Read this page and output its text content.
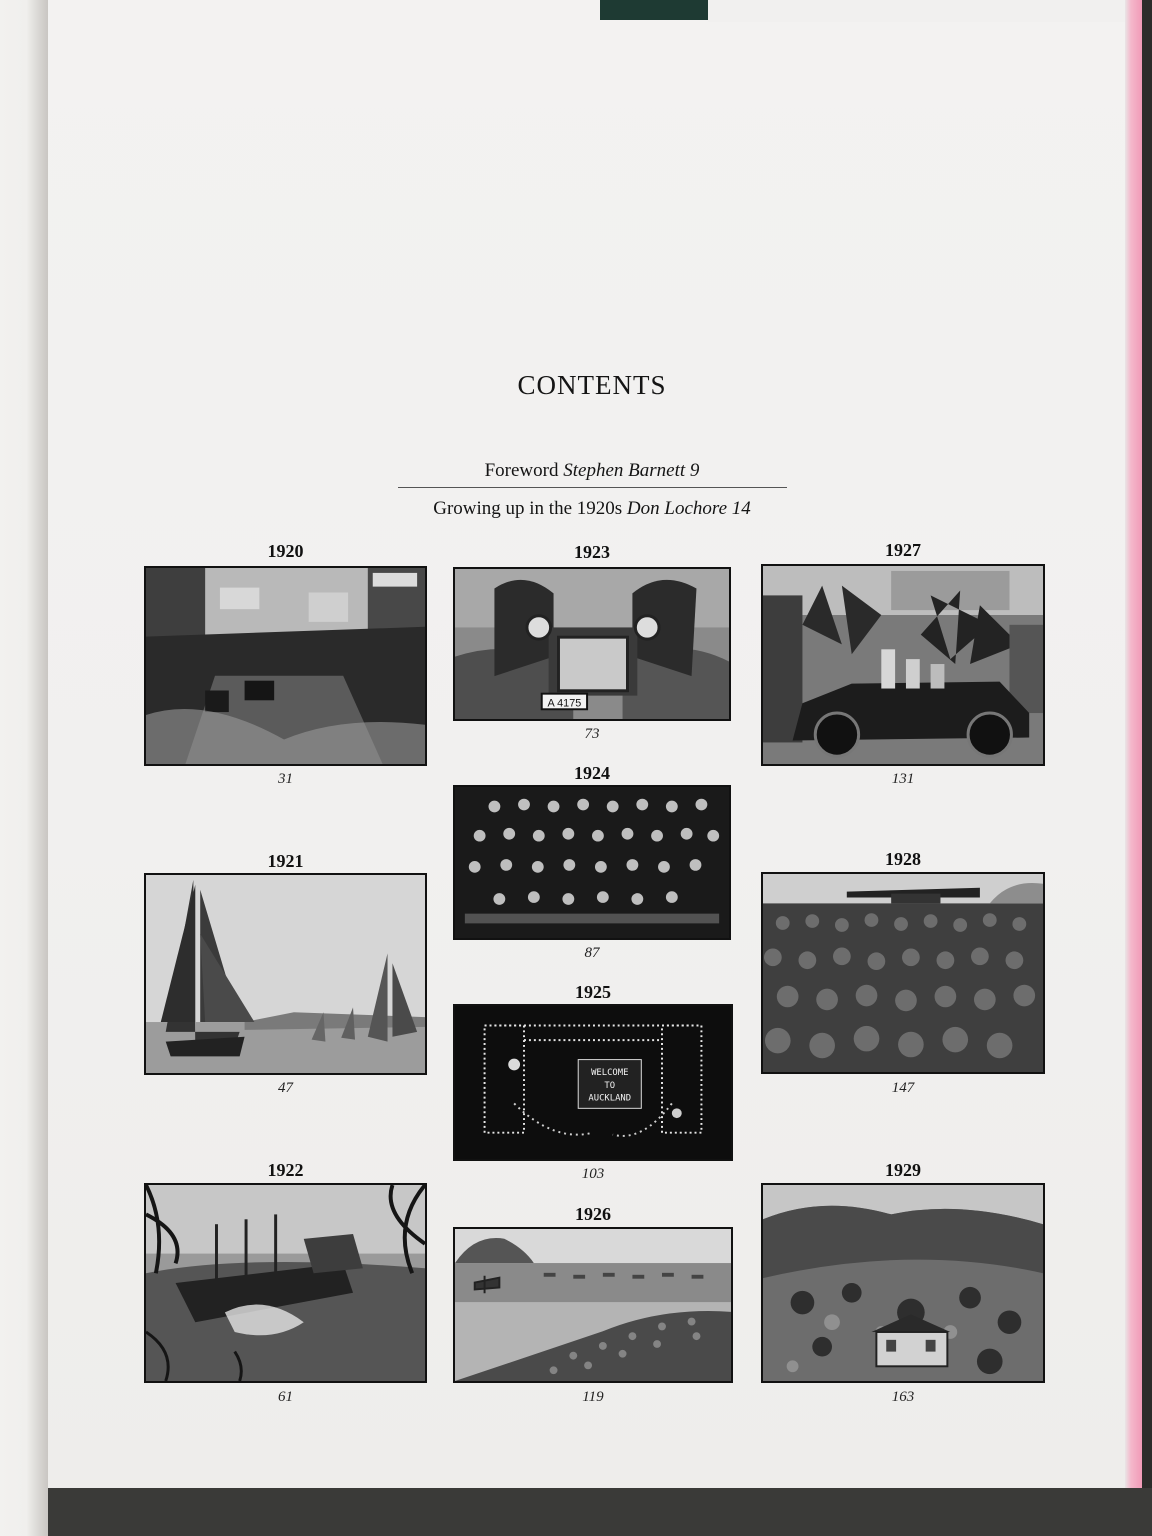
CONTENTS
Foreword Stephen Barnett 9
Growing up in the 1920s Don Lochore 14
1920
31
1923
A 4175
73
1927
131
1924
87
1921
47
1928
147
1925
WELCOME
TO
AUCKLAND
103
1922
61
1926
119
1929
163
